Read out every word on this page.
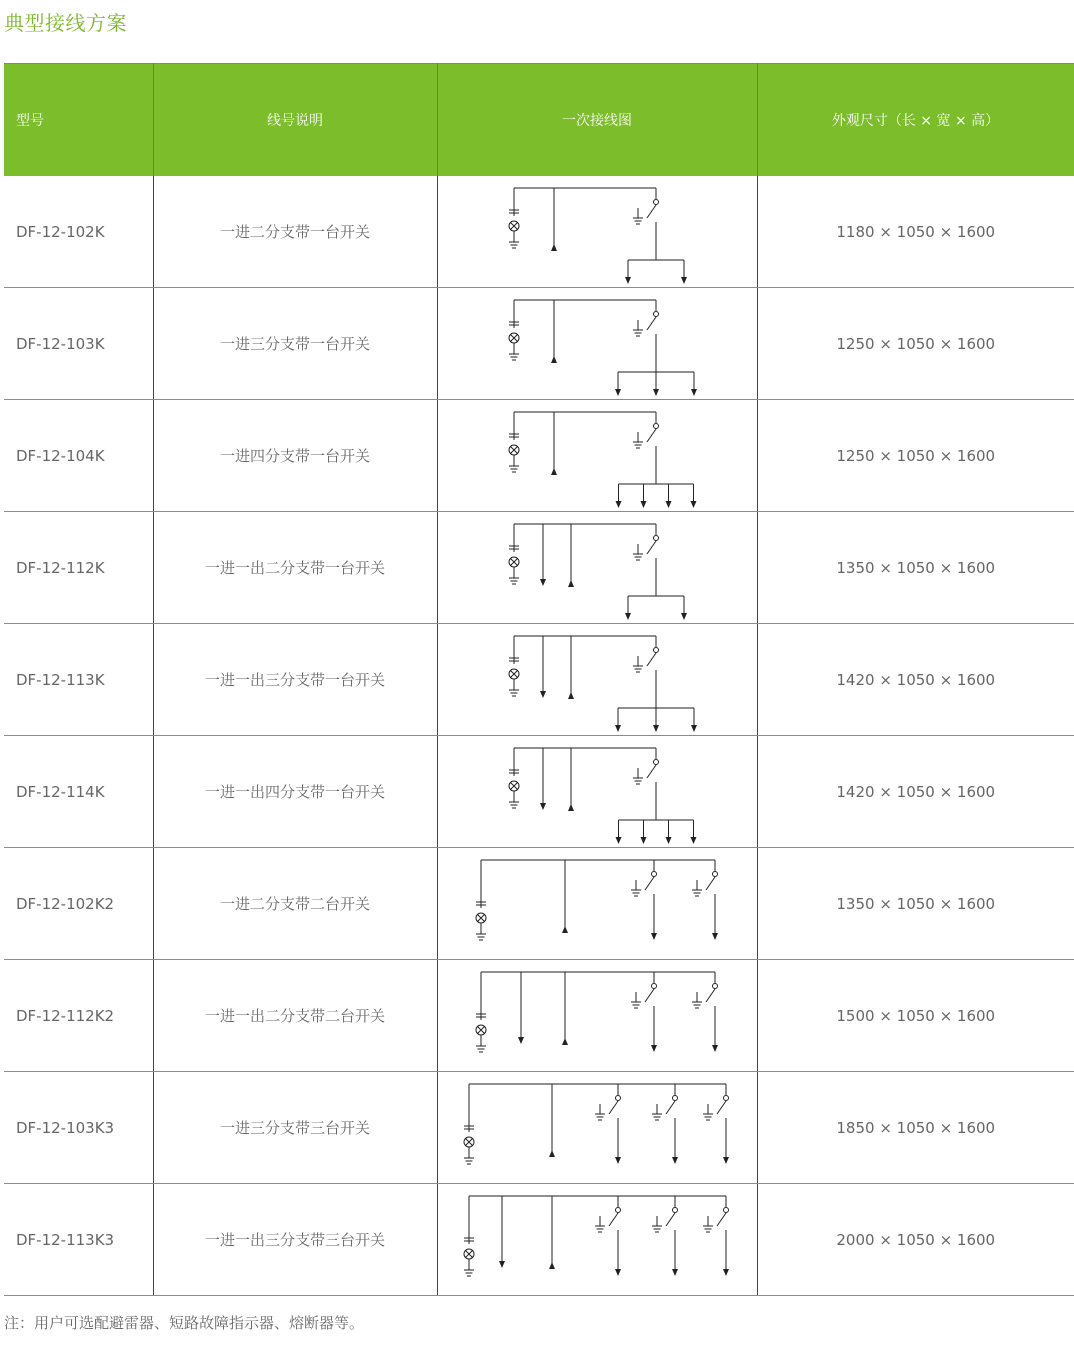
典型接线方案
型号	线号说明	一次接线图	外观尺寸（长 × 宽 × 高）
DF-12-102K	一进二分支带一台开关		1180 × 1050 × 1600
DF-12-103K	一进三分支带一台开关		1250 × 1050 × 1600
DF-12-104K	一进四分支带一台开关		1250 × 1050 × 1600
DF-12-112K	一进一出二分支带一台开关		1350 × 1050 × 1600
DF-12-113K	一进一出三分支带一台开关		1420 × 1050 × 1600
DF-12-114K	一进一出四分支带一台开关		1420 × 1050 × 1600
DF-12-102K2	一进二分支带二台开关		1350 × 1050 × 1600
DF-12-112K2	一进一出二分支带二台开关		1500 × 1050 × 1600
DF-12-103K3	一进三分支带三台开关		1850 × 1050 × 1600
DF-12-113K3	一进一出三分支带三台开关		2000 × 1050 × 1600
注：用户可选配避雷器、短路故障指示器、熔断器等。
